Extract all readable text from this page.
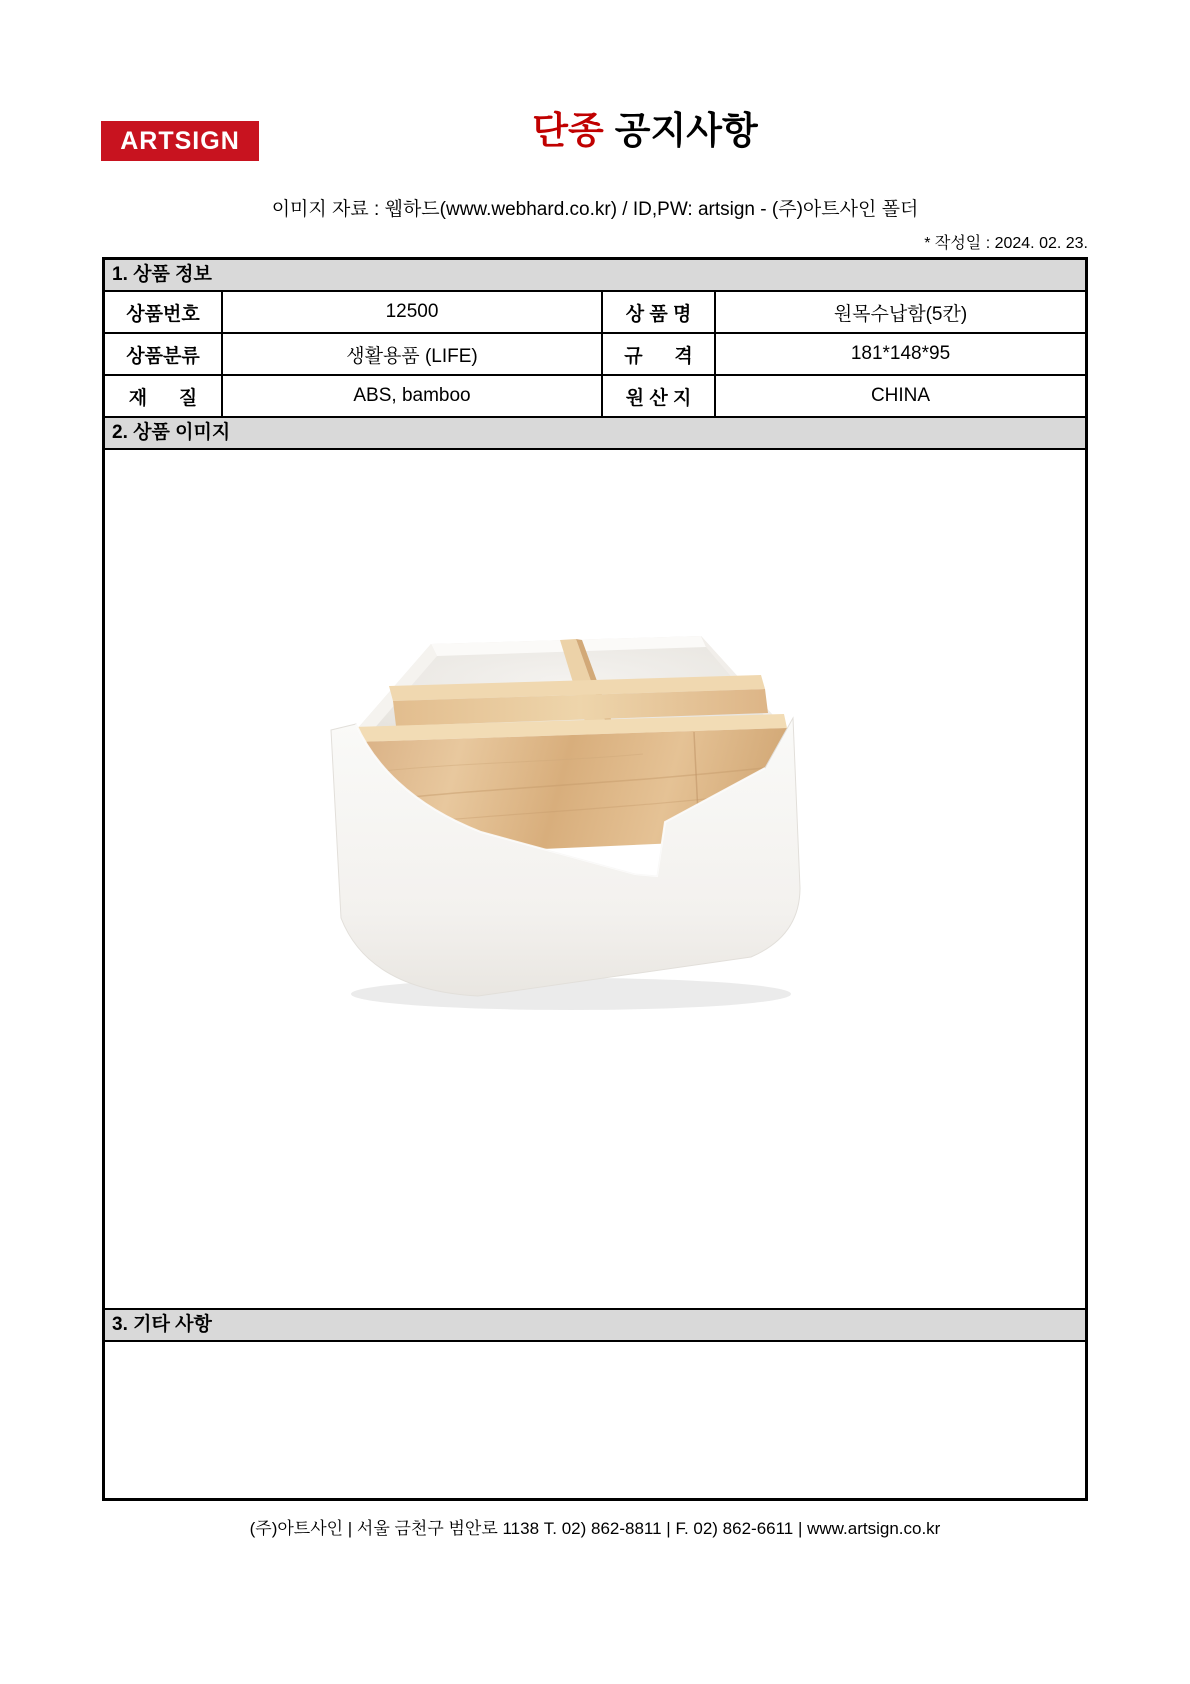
ARTSIGN	단종 공지사항
이미지 자료 : 웹하드(www.webhard.co.kr) / ID,PW: artsign - (주)아트사인 폴더
* 작성일 : 2024. 02. 23.
1. 상품 정보
상품번호	12500	상 품 명	원목수납함(5칸)
상품분류	생활용품 (LIFE)	규      격	181*148*95
재      질	ABS, bamboo	원 산 지	CHINA
2. 상품 이미지
3. 기타 사항
(주)아트사인 | 서울 금천구 범안로 1138 T. 02) 862-8811 | F. 02) 862-6611 | www.artsign.co.kr
